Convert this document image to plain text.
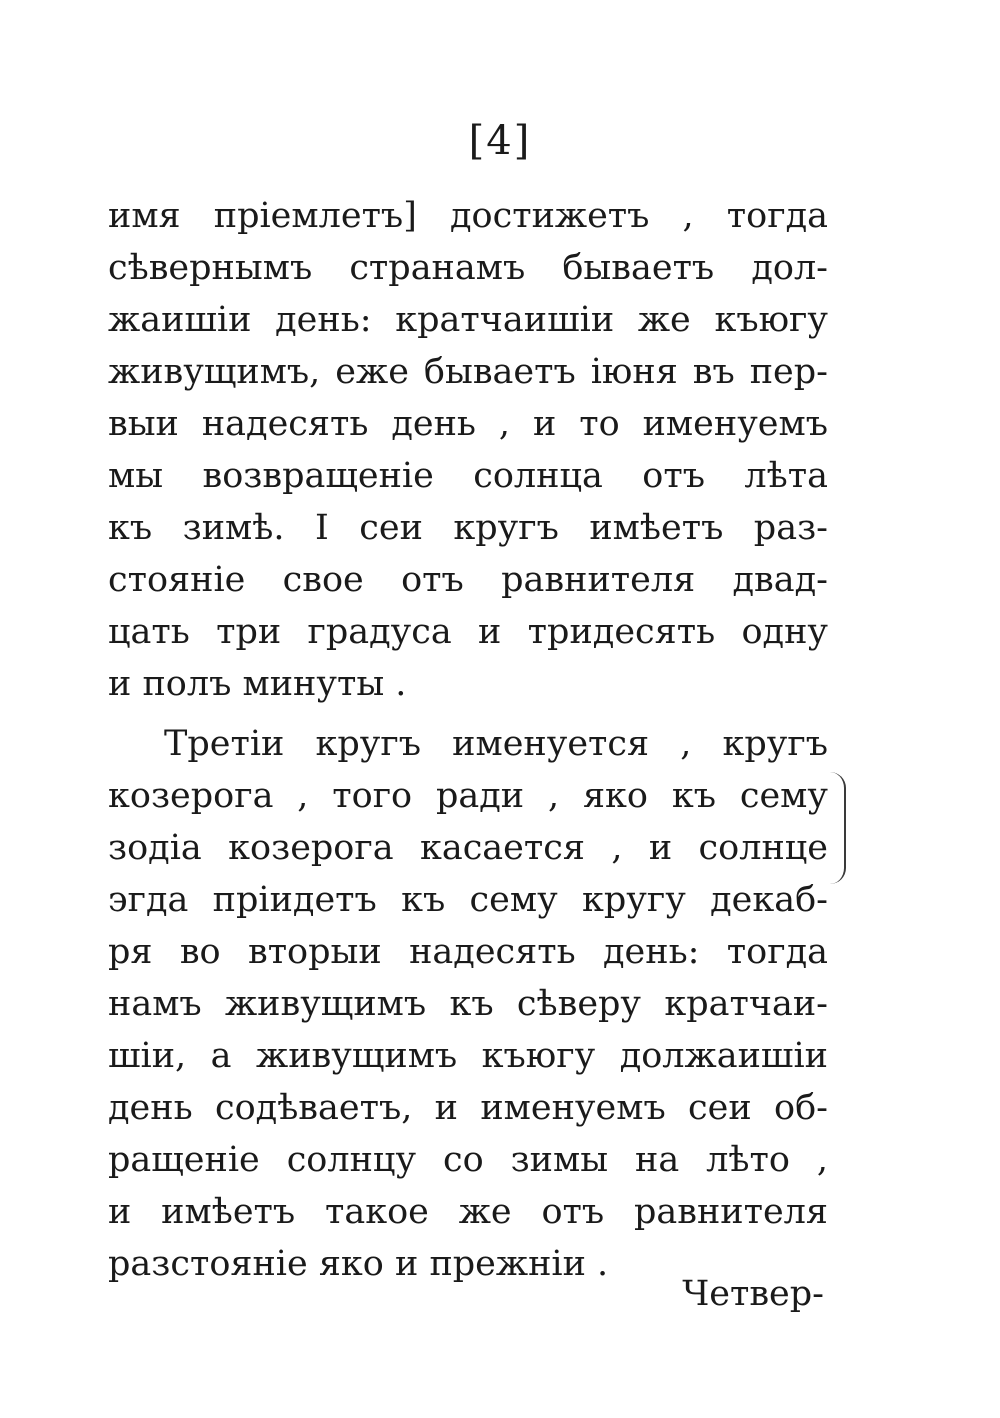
[4]
имя пріемлетъ] достижетъ , тогда
сѣвернымъ странамъ бываетъ дол-
жаишіи день: кратчаишіи же къюгу
живущимъ, еже бываетъ іюня въ пер-
выи надесять день , и то именуемъ
мы возвращеніе солнца отъ лѣта
къ зимѣ. І сеи кругъ имѣетъ раз-
стояніе свое отъ равнителя двад-
цать три градуса и тридесять одну
и полъ минуты .
Третіи кругъ именуется , кругъ
козерога , того ради , яко къ сему
зодіа козерога касается , и солнце
эгда пріидетъ къ сему кругу декаб-
ря во вторыи надесять день: тогда
намъ живущимъ къ сѣверу кратчаи-
шіи, а живущимъ къюгу должаишіи
день содѣваетъ, и именуемъ сеи об-
ращеніе солнцу со зимы на лѣто ,
и имѣетъ такое же отъ равнителя
разстояніе яко и прежніи .
Четвер-
